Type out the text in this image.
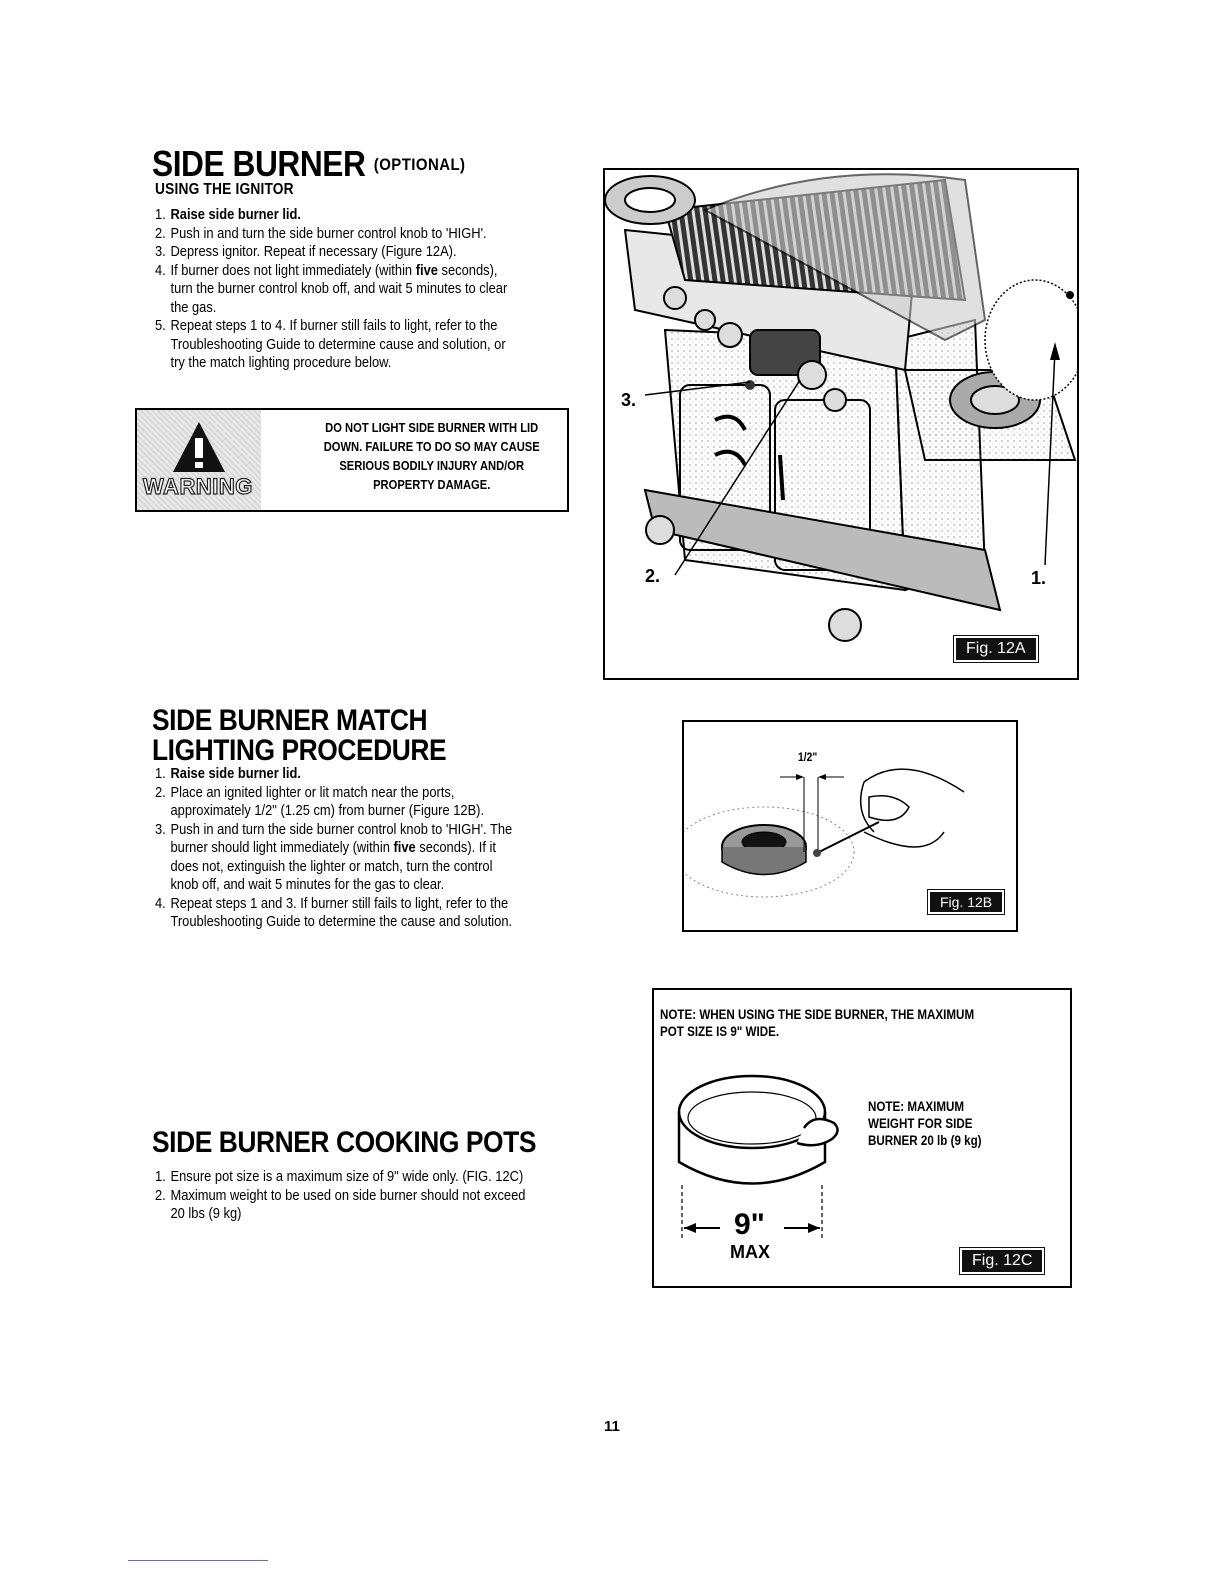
SIDE BURNER (OPTIONAL)
USING THE IGNITOR
1. Raise side burner lid.
2. Push in and turn the side burner control knob to 'HIGH'.
3. Depress ignitor. Repeat if necessary (Figure 12A).
4. If burner does not light immediately (within five seconds),
turn the burner control knob off, and wait 5 minutes to clear
the gas.
5. Repeat steps 1 to 4. If burner still fails to light, refer to the
Troubleshooting Guide to determine cause and solution, or
try the match lighting procedure below.
WARNING
DO NOT LIGHT SIDE BURNER WITH LID
DOWN. FAILURE TO DO SO MAY CAUSE
SERIOUS BODILY INJURY AND/OR
PROPERTY DAMAGE.
3.
2.	1.
Fig. 12A
SIDE BURNER MATCH
LIGHTING PROCEDURE
1. Raise side burner lid.
2. Place an ignited lighter or lit match near the ports,
approximately 1/2" (1.25 cm) from burner (Figure 12B).
3. Push in and turn the side burner control knob to 'HIGH'. The
burner should light immediately (within five seconds). If it
does not, extinguish the lighter or match, turn the control
knob off, and wait 5 minutes for the gas to clear.
4. Repeat steps 1 and 3. If burner still fails to light, refer to the
Troubleshooting Guide to determine the cause and solution.
1/2"
Fig. 12B
SIDE BURNER COOKING POTS
1. Ensure pot size is a maximum size of 9" wide only. (FIG. 12C)
2. Maximum weight to be used on side burner should not exceed
20 lbs (9 kg)
NOTE: WHEN USING THE SIDE BURNER, THE MAXIMUM
POT SIZE IS 9" WIDE.
NOTE: MAXIMUM
WEIGHT FOR SIDE
BURNER 20 lb (9 kg)
9"
MAX	Fig. 12C
11
